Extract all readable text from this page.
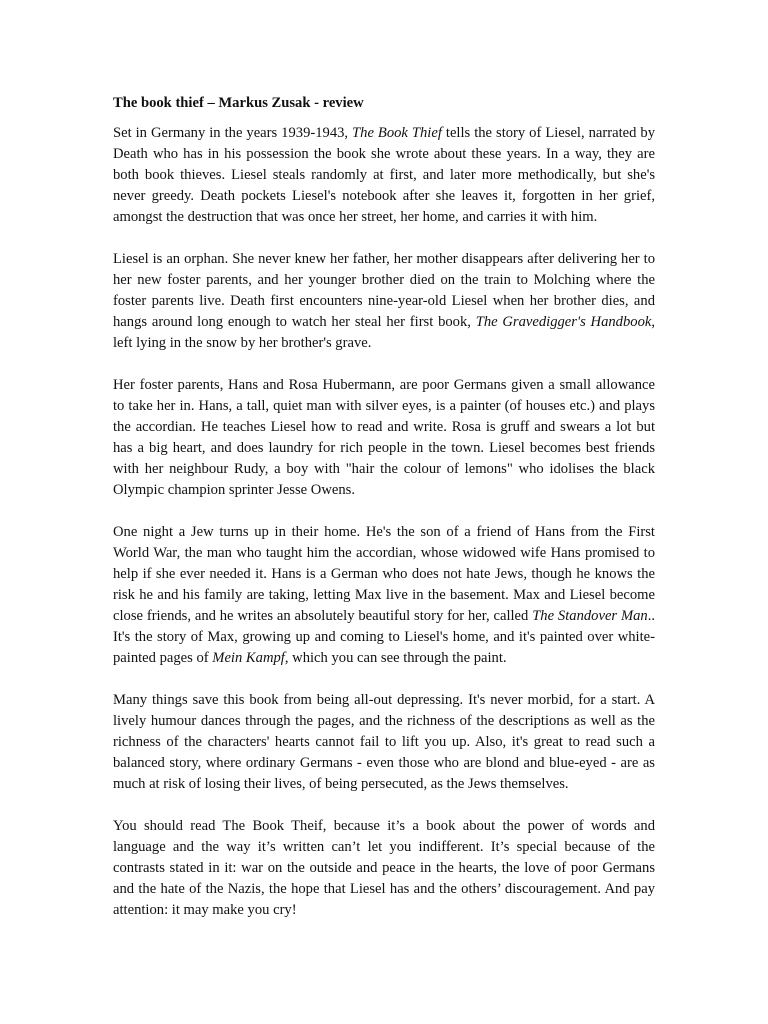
The book thief – Markus Zusak - review

Set in Germany in the years 1939-1943, The Book Thief tells the story of Liesel, narrated by Death who has in his possession the book she wrote about these years. In a way, they are both book thieves. Liesel steals randomly at first, and later more methodically, but she's never greedy. Death pockets Liesel's notebook after she leaves it, forgotten in her grief, amongst the destruction that was once her street, her home, and carries it with him.

Liesel is an orphan. She never knew her father, her mother disappears after delivering her to her new foster parents, and her younger brother died on the train to Molching where the foster parents live. Death first encounters nine-year-old Liesel when her brother dies, and hangs around long enough to watch her steal her first book, The Gravedigger's Handbook, left lying in the snow by her brother's grave.

Her foster parents, Hans and Rosa Hubermann, are poor Germans given a small allowance to take her in. Hans, a tall, quiet man with silver eyes, is a painter (of houses etc.) and plays the accordian. He teaches Liesel how to read and write. Rosa is gruff and swears a lot but has a big heart, and does laundry for rich people in the town. Liesel becomes best friends with her neighbour Rudy, a boy with "hair the colour of lemons" who idolises the black Olympic champion sprinter Jesse Owens.

One night a Jew turns up in their home. He's the son of a friend of Hans from the First World War, the man who taught him the accordian, whose widowed wife Hans promised to help if she ever needed it. Hans is a German who does not hate Jews, though he knows the risk he and his family are taking, letting Max live in the basement. Max and Liesel become close friends, and he writes an absolutely beautiful story for her, called The Standover Man.. It's the story of Max, growing up and coming to Liesel's home, and it's painted over white-painted pages of Mein Kampf, which you can see through the paint.

Many things save this book from being all-out depressing. It's never morbid, for a start. A lively humour dances through the pages, and the richness of the descriptions as well as the richness of the characters' hearts cannot fail to lift you up. Also, it's great to read such a balanced story, where ordinary Germans - even those who are blond and blue-eyed - are as much at risk of losing their lives, of being persecuted, as the Jews themselves.

You should read The Book Theif, because it’s a book about the power of words and language and the way it’s written can’t let you indifferent. It’s special because of the contrasts stated in it: war on the outside and peace in the hearts, the love of poor Germans and the hate of the Nazis, the hope that Liesel has and the others’ discouragement. And pay attention: it may make you cry!
